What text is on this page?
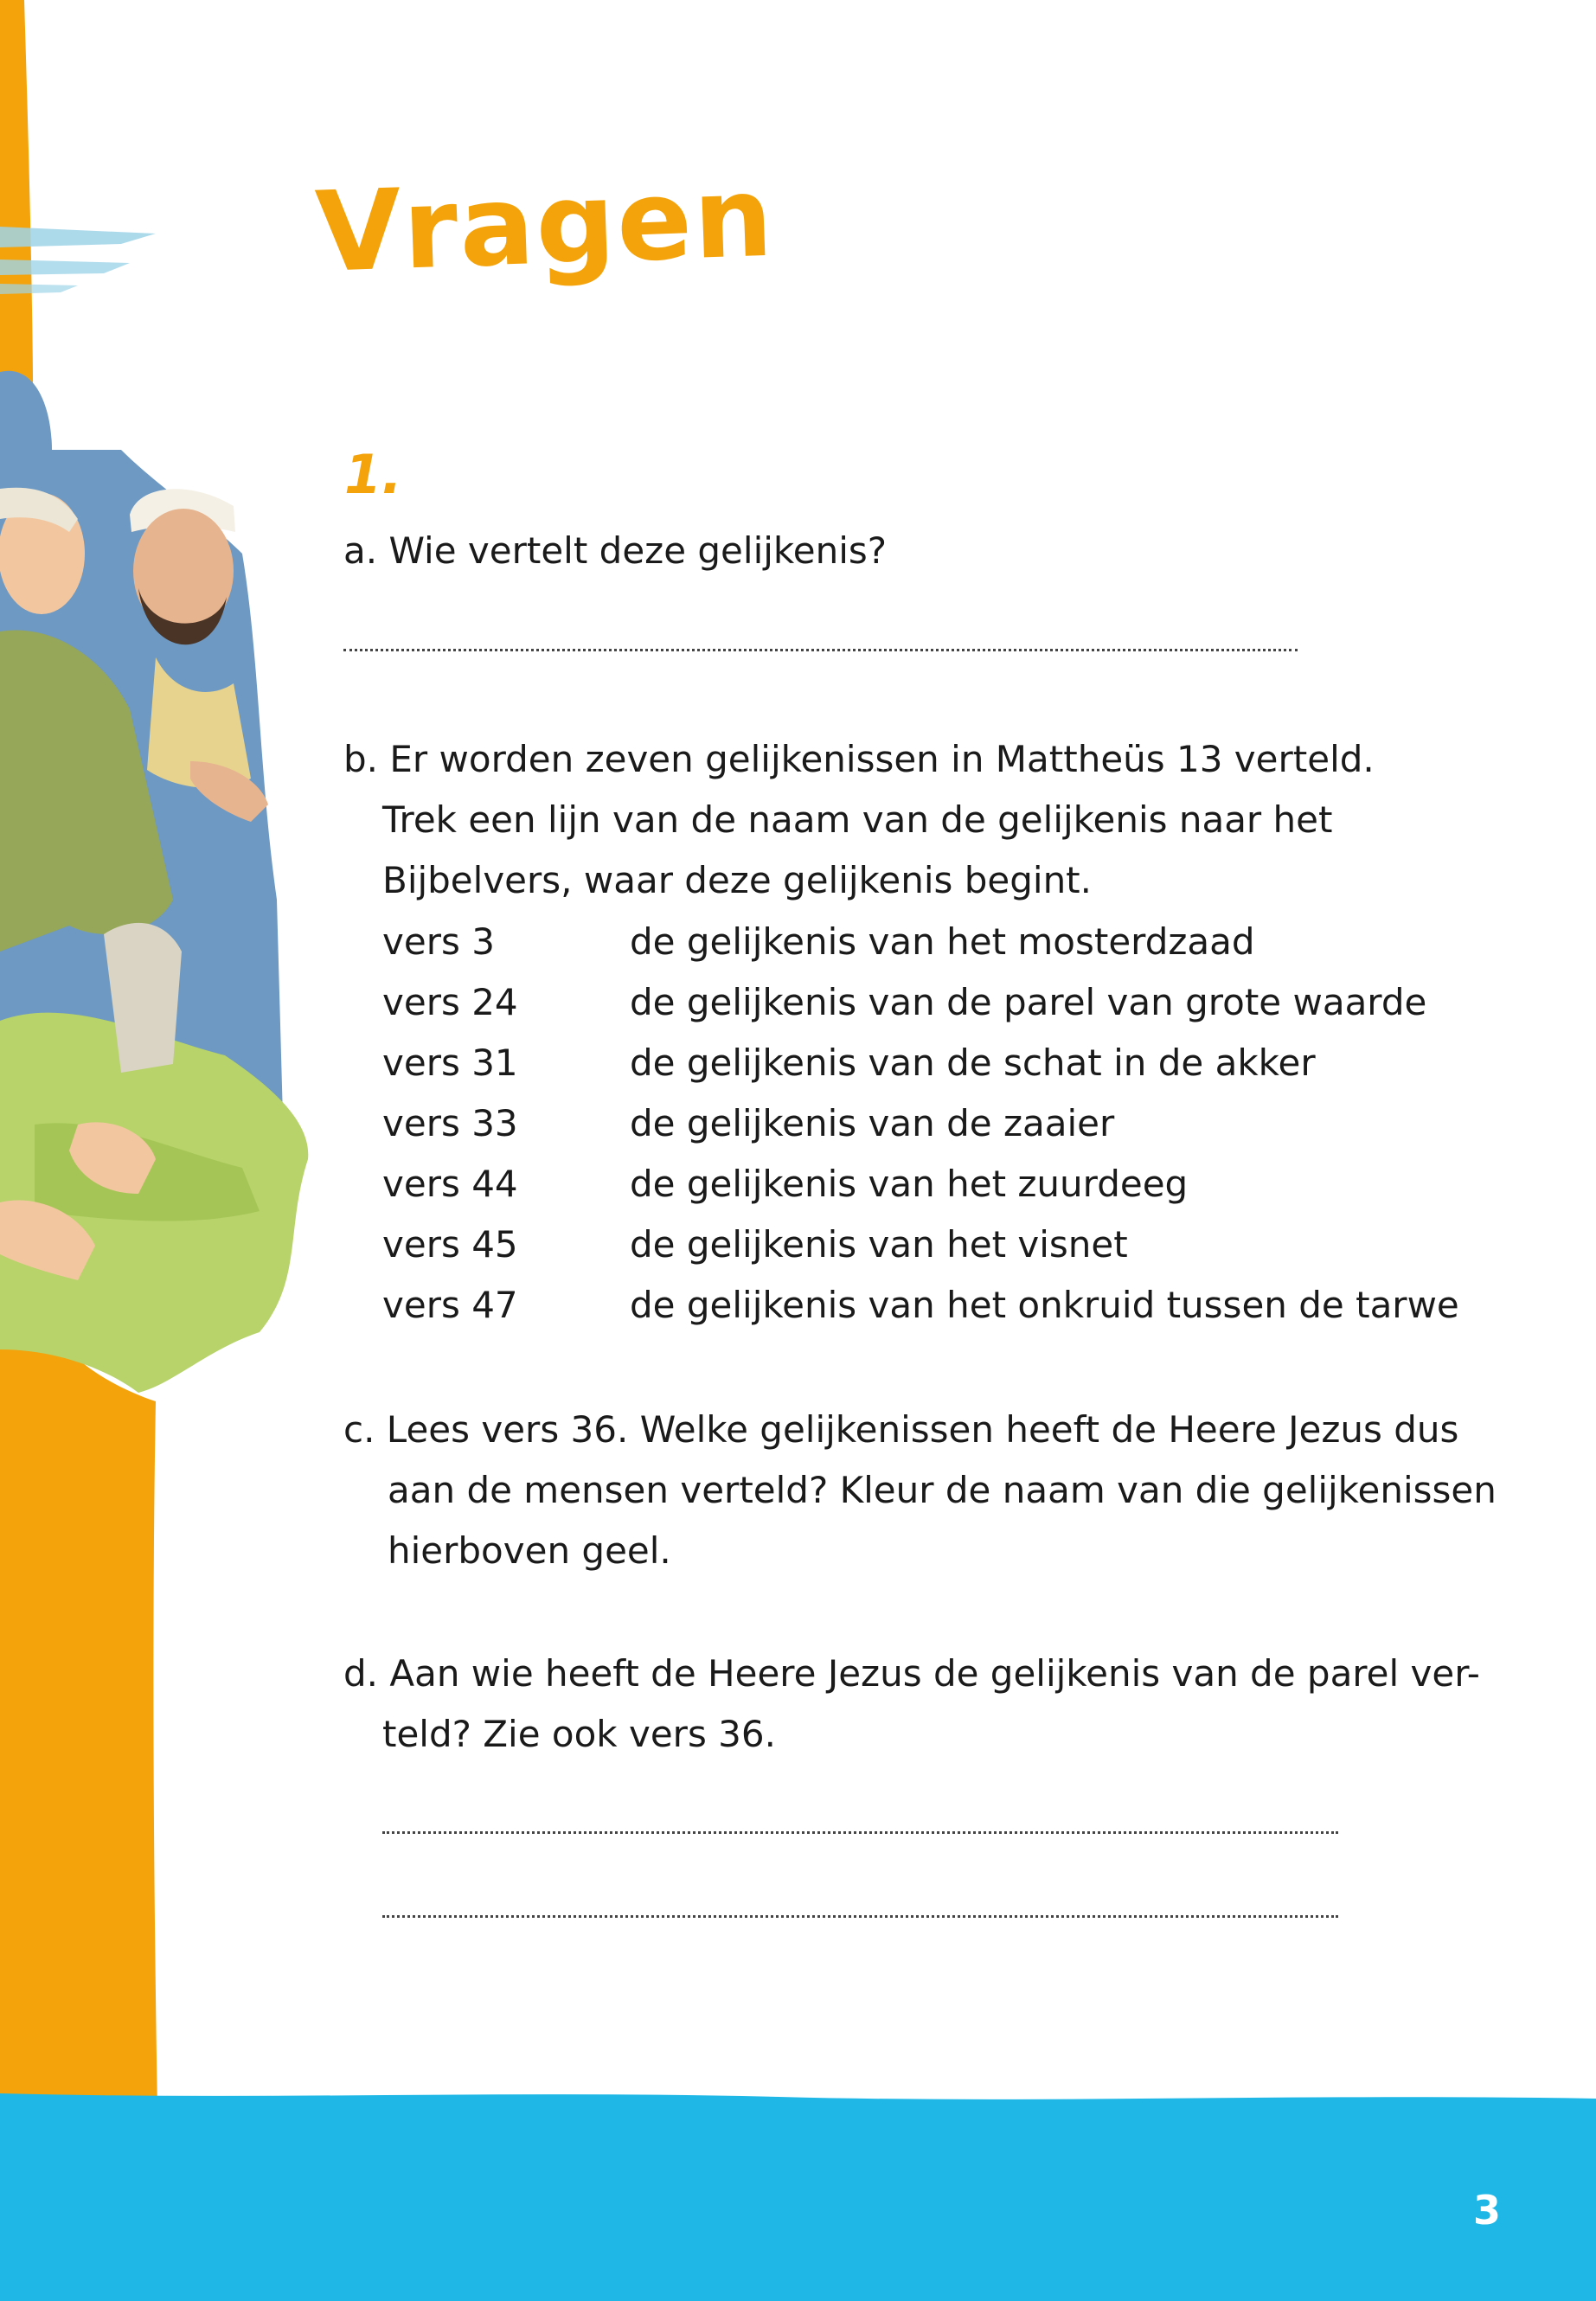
Vragen
1.
a. Wie vertelt deze gelijkenis?
b. Er worden zeven gelijkenissen in Mattheüs 13 verteld.
Trek een lijn van de naam van de gelijkenis naar het
Bijbelvers, waar deze gelijkenis begint.
vers 3	de gelijkenis van het mosterdzaad
vers 24	de gelijkenis van de parel van grote waarde
vers 31	de gelijkenis van de schat in de akker
vers 33	de gelijkenis van de zaaier
vers 44	de gelijkenis van het zuurdeeg
vers 45	de gelijkenis van het visnet
vers 47	de gelijkenis van het onkruid tussen de tarwe
c. Lees vers 36. Welke gelijkenissen heeft de Heere Jezus dus
aan de mensen verteld? Kleur de naam van die gelijkenissen
hierboven geel.
d. Aan wie heeft de Heere Jezus de gelijkenis van de parel ver-
teld? Zie ook vers 36.
3
